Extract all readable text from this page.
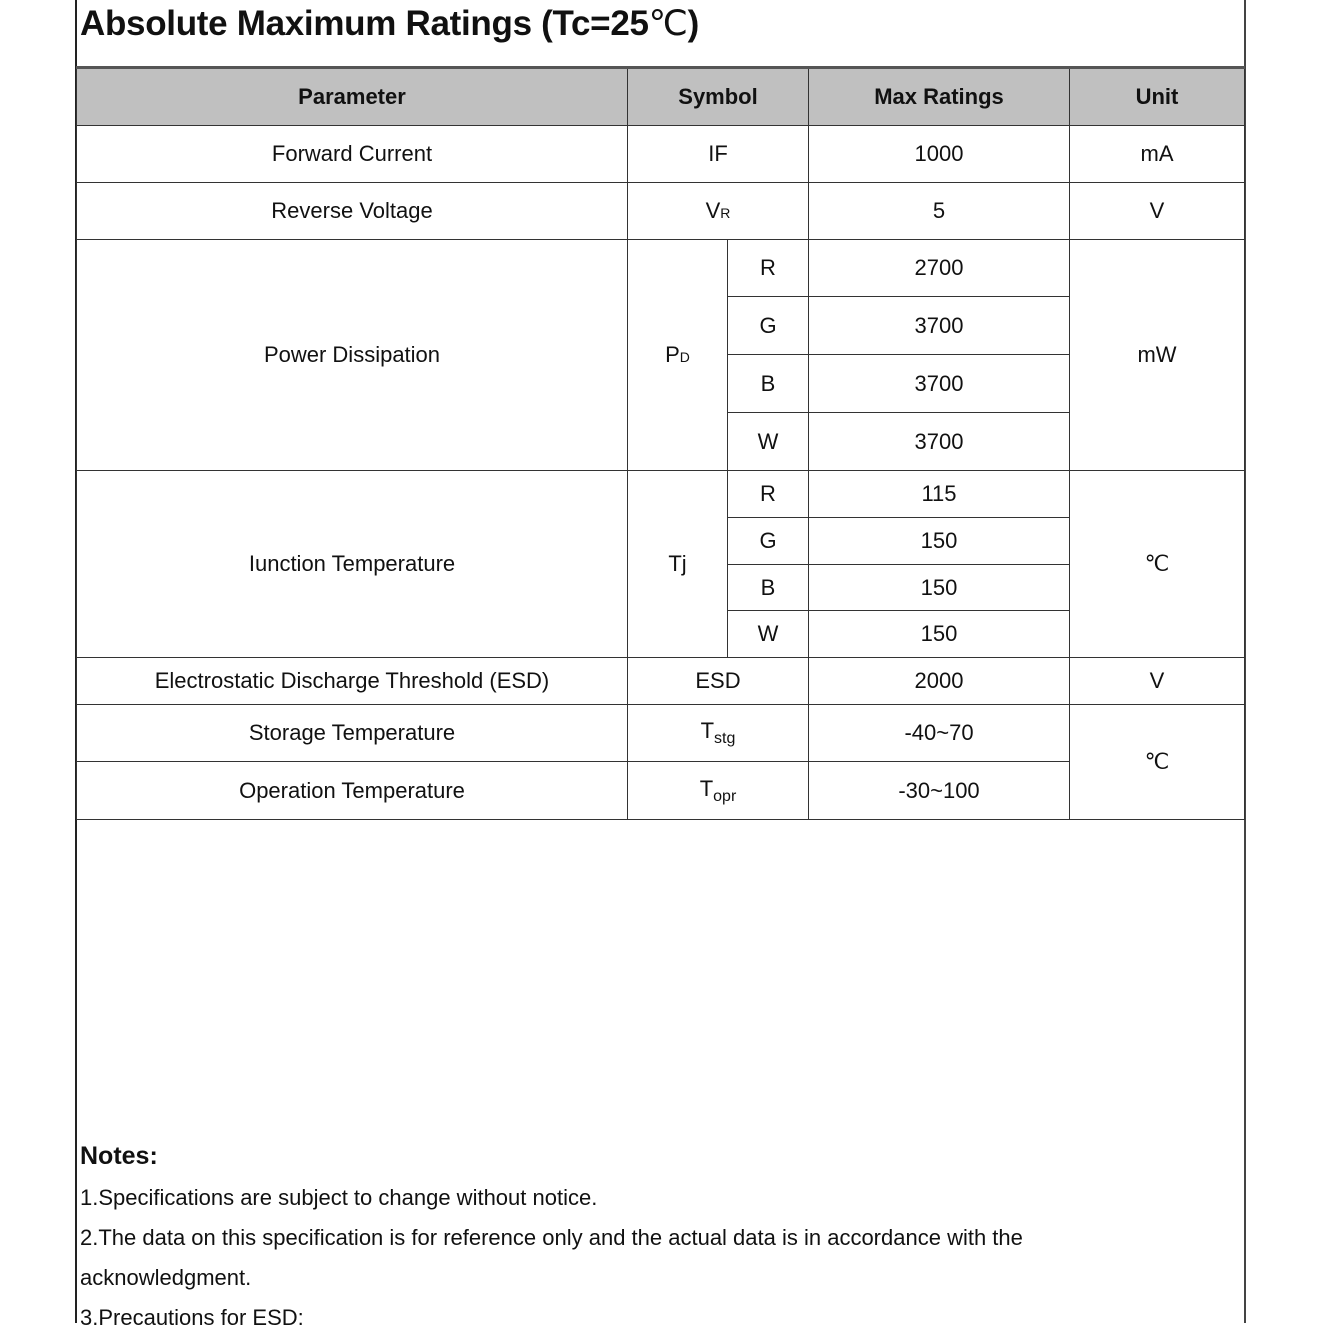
Absolute Maximum Ratings (Tc=25℃)
Parameter	Symbol		Max Ratings	Unit
Forward Current	IF		1000	mA
Reverse Voltage	VR		5	V
Power Dissipation	PD	R	2700	mW
		G	3700	
		B	3700	
		W	3700	
Iunction Temperature	Tj	R	115	℃
		G	150	
		B	150	
		W	150	
Electrostatic Discharge Threshold (ESD)	ESD		2000	V
Storage Temperature	$T_{stg}$		-40~70	℃
Operation Temperature	$T_{opr}$		-30~100	
Notes:
1.Specifications are subject to change without notice.
2.The data on this specification is for reference only and the actual data is in accordance with the
acknowledgment.
3.Precautions for ESD:
